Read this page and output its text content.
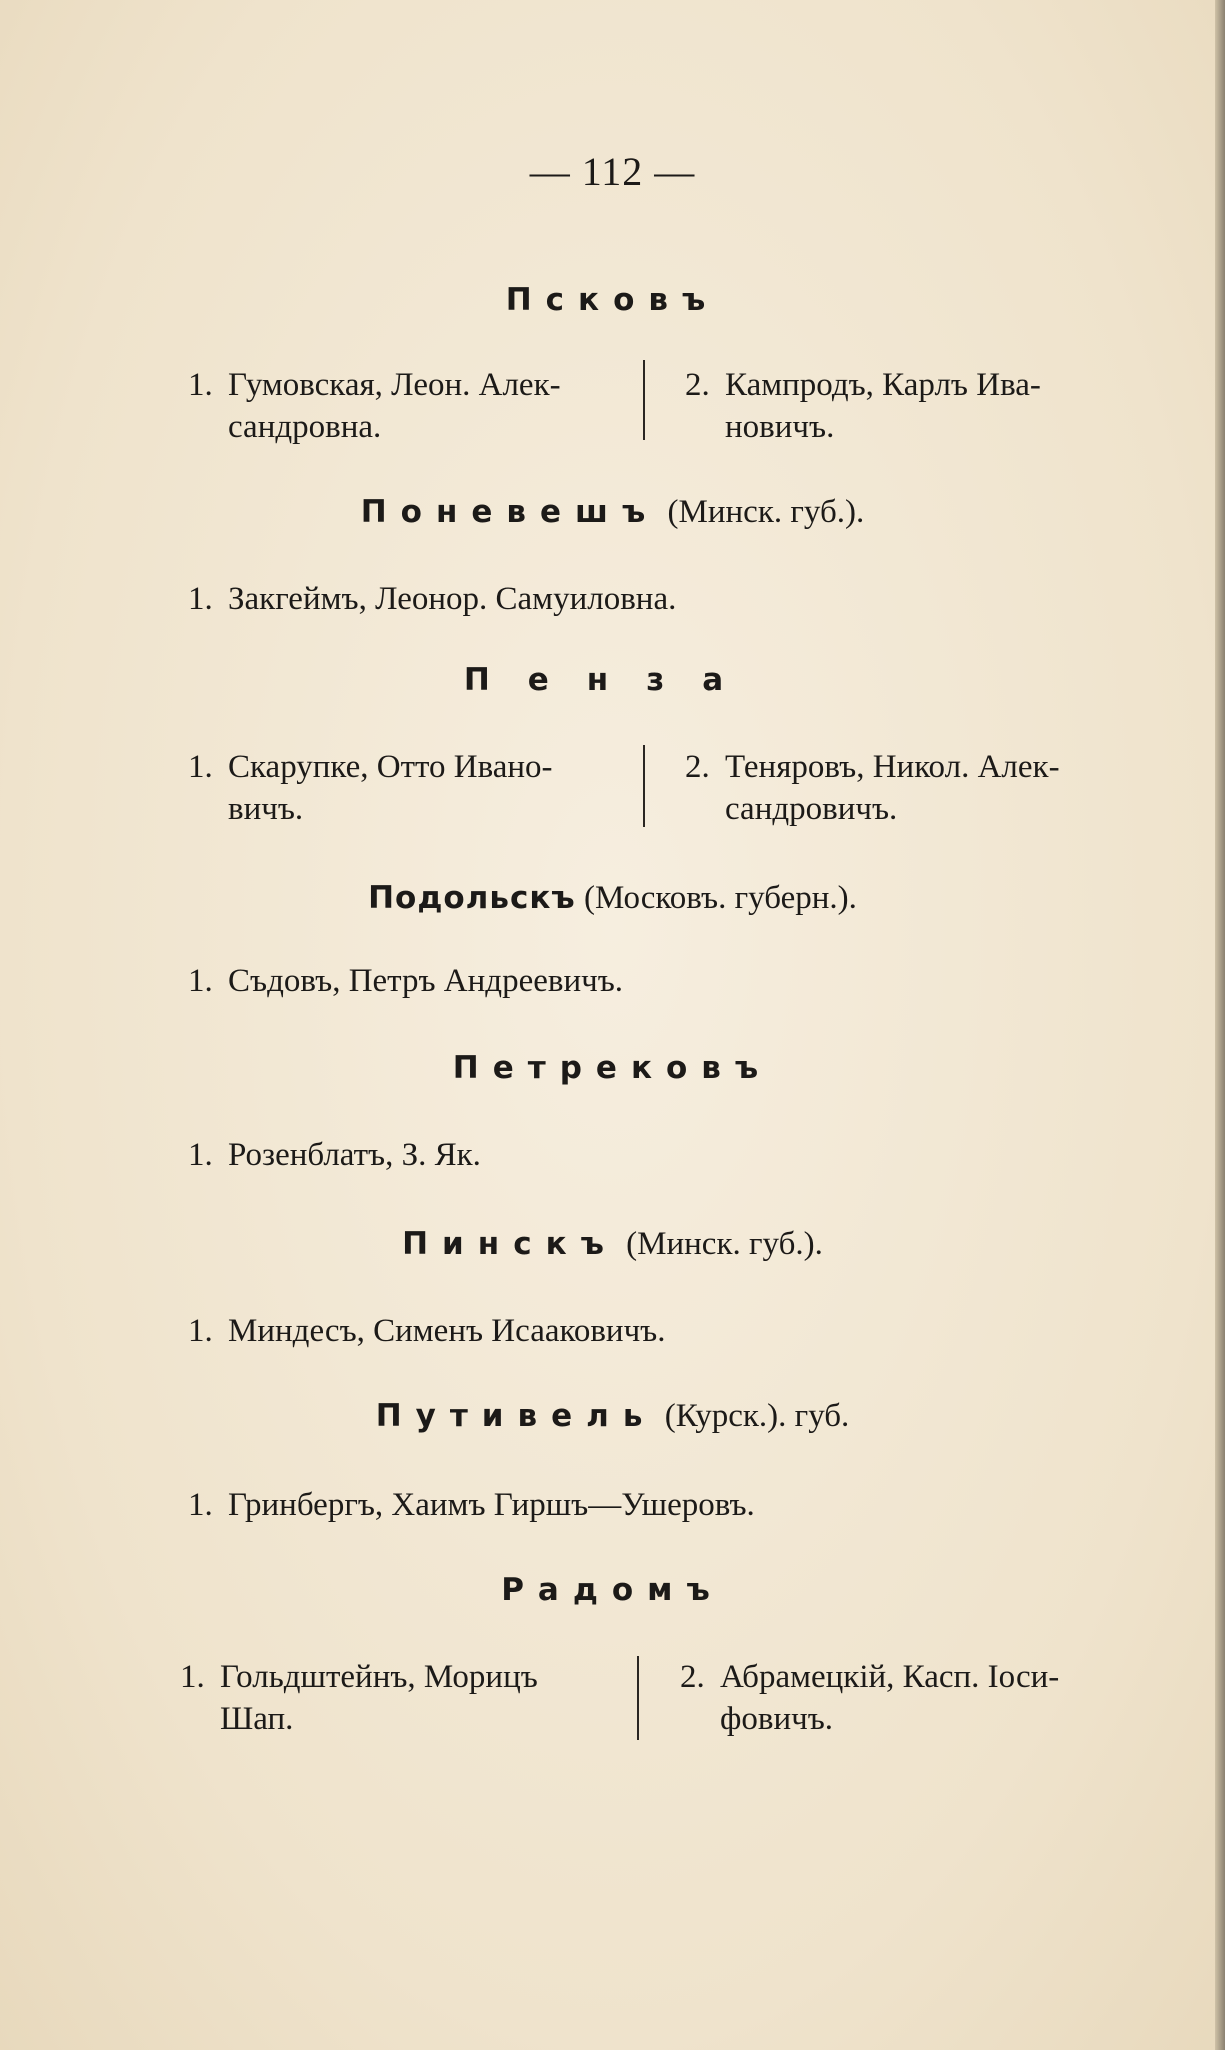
— 112 —
Псковъ
1. Гумовская, Леон. Алек-
сандровна.
2. Кампродъ, Карлъ Ива-
новичъ.
Поневешъ (Минск. губ.).
1. Закгеймъ, Леонор. Самуиловна.
Пенза
1. Скарупке, Отто Ивано-
вичъ.
2. Теняровъ, Никол. Алек-
сандровичъ.
Подольскъ (Московъ. губерн.).
1. Съдовъ, Петръ Андреевичъ.
Петрековъ
1. Розенблатъ, З. Як.
Пинскъ (Минск. губ.).
1. Миндесъ, Сименъ Исааковичъ.
Путивель (Курск.). губ.
1. Гринбергъ, Хаимъ Гиршъ—Ушеровъ.
Радомъ
1. Гольдштейнъ, Морицъ
Шап.
2. Абрамецкій, Касп. Іоси-
фовичъ.
